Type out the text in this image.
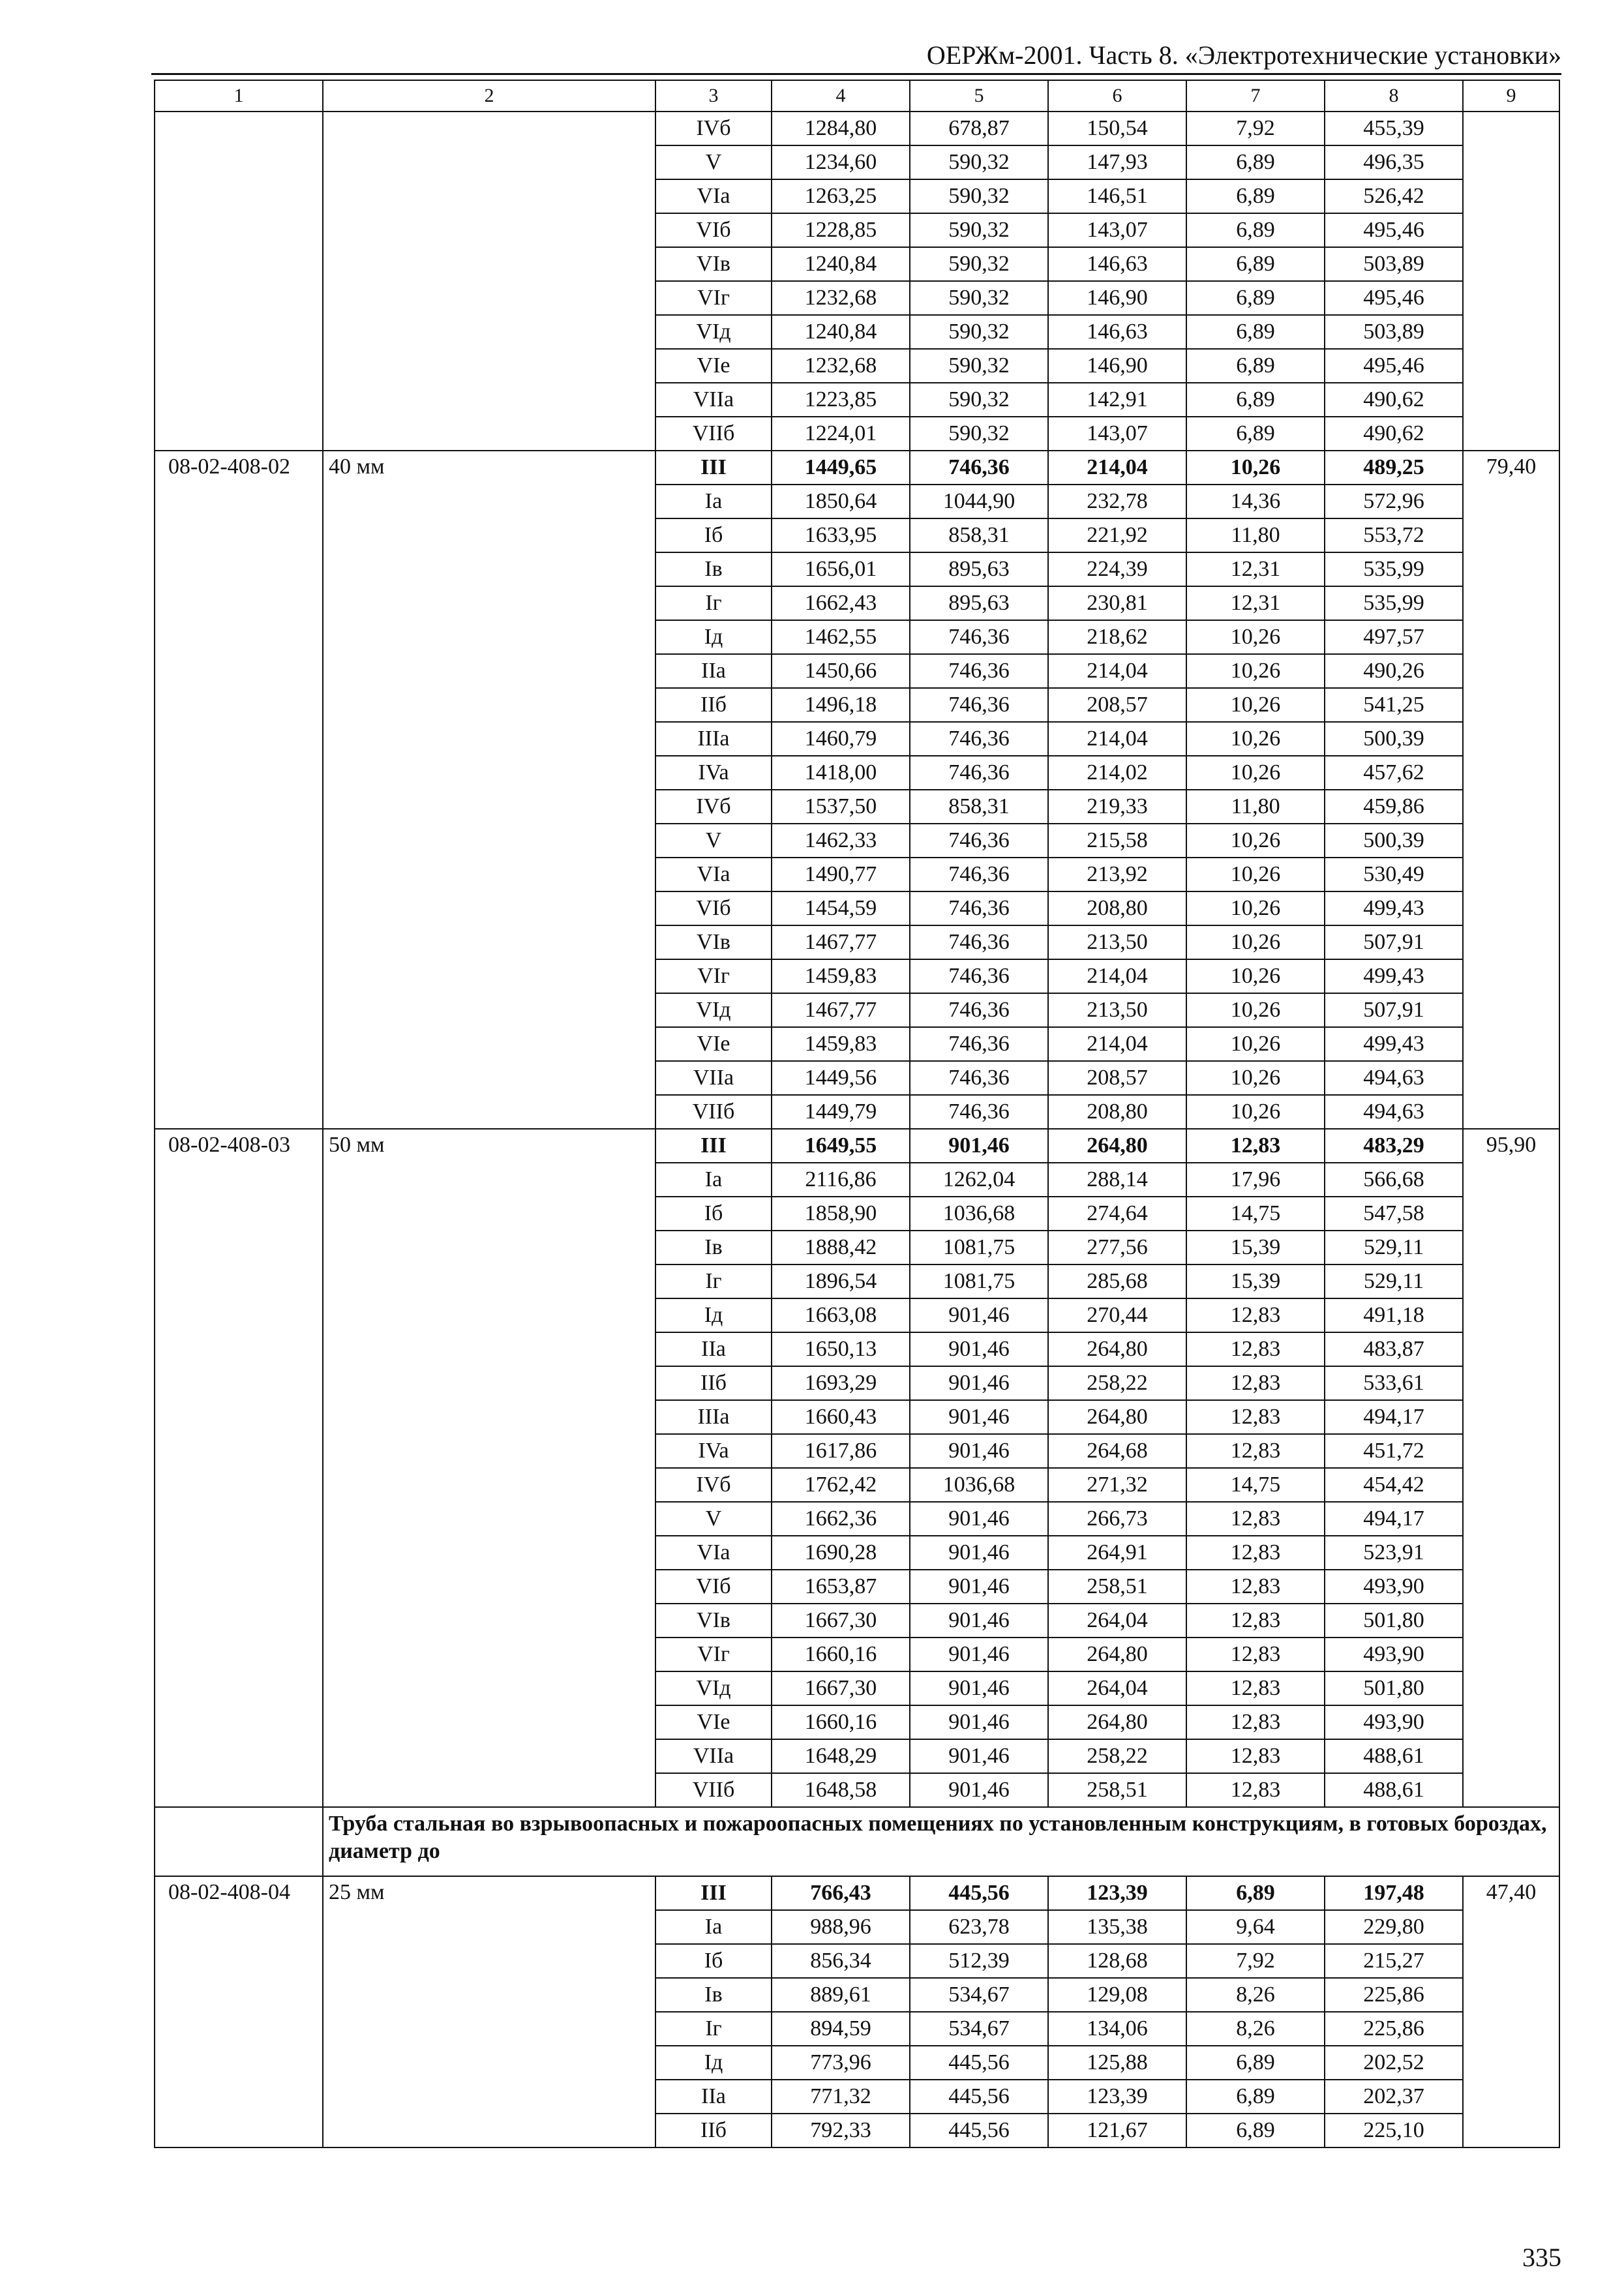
ОЕРЖм-2001. Часть 8. «Электротехнические установки»
1	2	3	4	5	6	7	8	9
		IVб	1284,80	678,87	150,54	7,92	455,39	
		V	1234,60	590,32	147,93	6,89	496,35	
		VIa	1263,25	590,32	146,51	6,89	526,42	
		VIб	1228,85	590,32	143,07	6,89	495,46	
		VIв	1240,84	590,32	146,63	6,89	503,89	
		VIг	1232,68	590,32	146,90	6,89	495,46	
		VIд	1240,84	590,32	146,63	6,89	503,89	
		VIe	1232,68	590,32	146,90	6,89	495,46	
		VIIa	1223,85	590,32	142,91	6,89	490,62	
		VIIб	1224,01	590,32	143,07	6,89	490,62	
08-02-408-02	40 мм	III	1449,65	746,36	214,04	10,26	489,25	79,40
		Ia	1850,64	1044,90	232,78	14,36	572,96	
		Iб	1633,95	858,31	221,92	11,80	553,72	
		Iв	1656,01	895,63	224,39	12,31	535,99	
		Iг	1662,43	895,63	230,81	12,31	535,99	
		Iд	1462,55	746,36	218,62	10,26	497,57	
		IIa	1450,66	746,36	214,04	10,26	490,26	
		IIб	1496,18	746,36	208,57	10,26	541,25	
		IIIa	1460,79	746,36	214,04	10,26	500,39	
		IVa	1418,00	746,36	214,02	10,26	457,62	
		IVб	1537,50	858,31	219,33	11,80	459,86	
		V	1462,33	746,36	215,58	10,26	500,39	
		VIa	1490,77	746,36	213,92	10,26	530,49	
		VIб	1454,59	746,36	208,80	10,26	499,43	
		VIв	1467,77	746,36	213,50	10,26	507,91	
		VIг	1459,83	746,36	214,04	10,26	499,43	
		VIд	1467,77	746,36	213,50	10,26	507,91	
		VIe	1459,83	746,36	214,04	10,26	499,43	
		VIIa	1449,56	746,36	208,57	10,26	494,63	
		VIIб	1449,79	746,36	208,80	10,26	494,63	
08-02-408-03	50 мм	III	1649,55	901,46	264,80	12,83	483,29	95,90
		Ia	2116,86	1262,04	288,14	17,96	566,68	
		Iб	1858,90	1036,68	274,64	14,75	547,58	
		Iв	1888,42	1081,75	277,56	15,39	529,11	
		Iг	1896,54	1081,75	285,68	15,39	529,11	
		Iд	1663,08	901,46	270,44	12,83	491,18	
		IIa	1650,13	901,46	264,80	12,83	483,87	
		IIб	1693,29	901,46	258,22	12,83	533,61	
		IIIa	1660,43	901,46	264,80	12,83	494,17	
		IVa	1617,86	901,46	264,68	12,83	451,72	
		IVб	1762,42	1036,68	271,32	14,75	454,42	
		V	1662,36	901,46	266,73	12,83	494,17	
		VIa	1690,28	901,46	264,91	12,83	523,91	
		VIб	1653,87	901,46	258,51	12,83	493,90	
		VIв	1667,30	901,46	264,04	12,83	501,80	
		VIг	1660,16	901,46	264,80	12,83	493,90	
		VIд	1667,30	901,46	264,04	12,83	501,80	
		VIe	1660,16	901,46	264,80	12,83	493,90	
		VIIa	1648,29	901,46	258,22	12,83	488,61	
		VIIб	1648,58	901,46	258,51	12,83	488,61	
	Труба стальная во взрывоопасных и пожароопасных помещениях по установленным конструкциям, в готовых бороздах, диаметр до							
08-02-408-04	25 мм	III	766,43	445,56	123,39	6,89	197,48	47,40
		Ia	988,96	623,78	135,38	9,64	229,80	
		Iб	856,34	512,39	128,68	7,92	215,27	
		Iв	889,61	534,67	129,08	8,26	225,86	
		Iг	894,59	534,67	134,06	8,26	225,86	
		Iд	773,96	445,56	125,88	6,89	202,52	
		IIa	771,32	445,56	123,39	6,89	202,37	
		IIб	792,33	445,56	121,67	6,89	225,10	
335
